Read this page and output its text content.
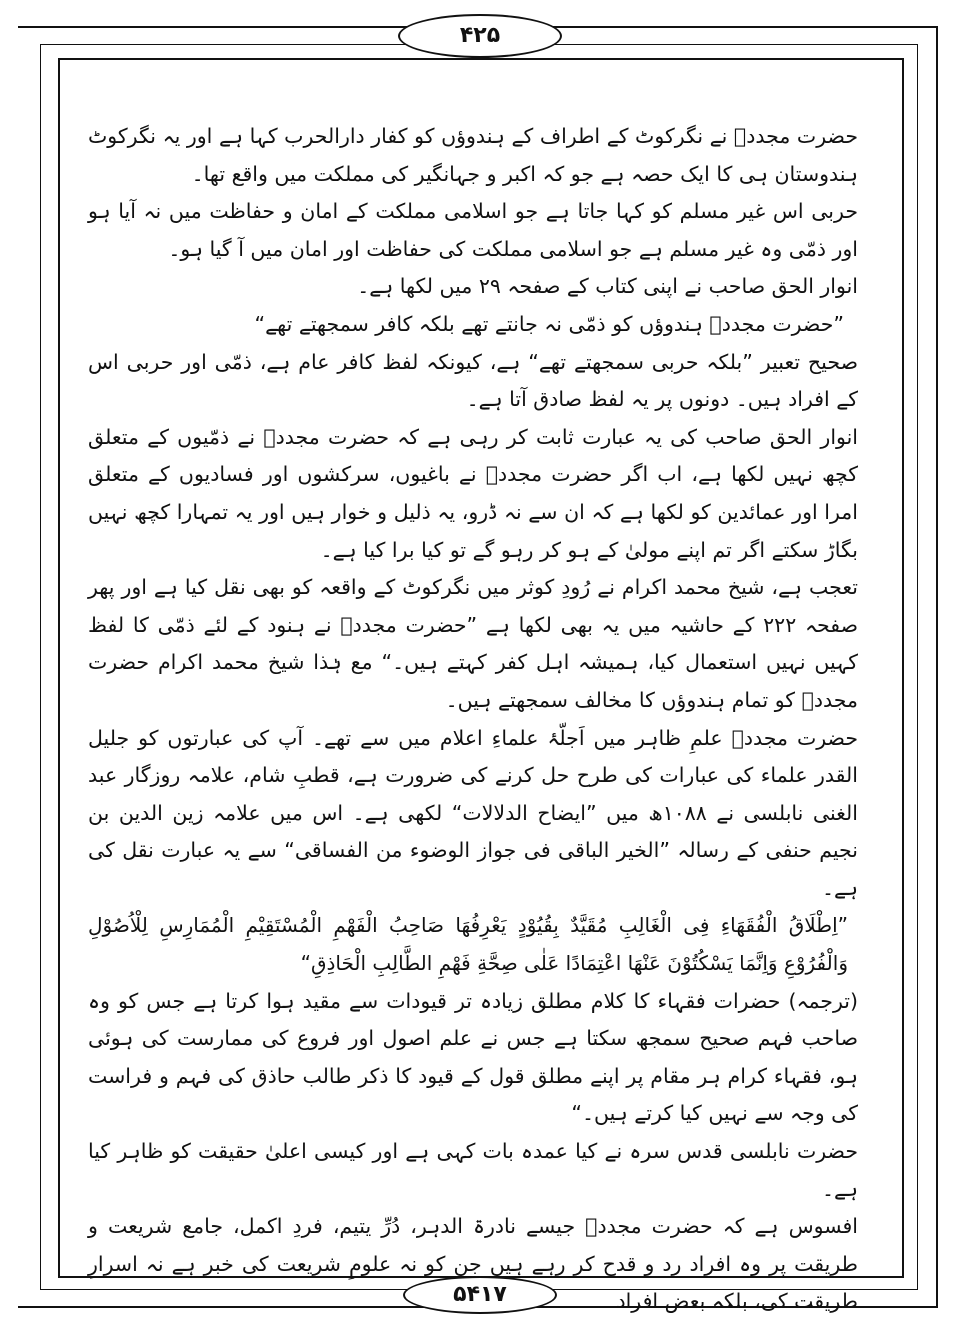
۴۲۵

حضرت مجددؒ نے نگرکوٹ کے اطراف کے ہندوؤں کو کفار دارالحرب کہا ہے اور یہ نگرکوٹ ہندوستان ہی کا ایک حصہ ہے جو کہ اکبر و جہانگیر کی مملکت میں واقع تھا۔

حربی اس غیر مسلم کو کہا جاتا ہے جو اسلامی مملکت کے امان و حفاظت میں نہ آیا ہو اور ذمّی وہ غیر مسلم ہے جو اسلامی مملکت کی حفاظت اور امان میں آ گیا ہو۔

انوار الحق صاحب نے اپنی کتاب کے صفحہ ۲۹ میں لکھا ہے۔

”حضرت مجددؒ ہندوؤں کو ذمّی نہ جانتے تھے بلکہ کافر سمجھتے تھے“

صحیح تعبیر ”بلکہ حربی سمجھتے تھے“ ہے، کیونکہ لفظ کافر عام ہے، ذمّی اور حربی اس کے افراد ہیں۔ دونوں پر یہ لفظ صادق آتا ہے۔

انوار الحق صاحب کی یہ عبارت ثابت کر رہی ہے کہ حضرت مجددؒ نے ذمّیوں کے متعلق کچھ نہیں لکھا ہے، اب اگر حضرت مجددؒ نے باغیوں، سرکشوں اور فسادیوں کے متعلق امرا اور عمائدین کو لکھا ہے کہ ان سے نہ ڈرو، یہ ذلیل و خوار ہیں اور یہ تمہارا کچھ نہیں بگاڑ سکتے اگر تم اپنے مولیٰ کے ہو کر رہو گے تو کیا برا کیا ہے۔

تعجب ہے، شیخ محمد اکرام نے رُودِ کوثر میں نگرکوٹ کے واقعہ کو بھی نقل کیا ہے اور پھر صفحہ ۲۲۲ کے حاشیہ میں یہ بھی لکھا ہے ”حضرت مجددؒ نے ہنود کے لئے ذمّی کا لفظ کہیں نہیں استعمال کیا، ہمیشہ اہل کفر کہتے ہیں۔“ مع ہٰذا شیخ محمد اکرام حضرت مجددؒ کو تمام ہندوؤں کا مخالف سمجھتے ہیں۔

حضرت مجددؒ علمِ ظاہر میں اَجلّۂ علماءِ اعلام میں سے تھے۔ آپ کی عبارتوں کو جلیل القدر علماء کی عبارات کی طرح حل کرنے کی ضرورت ہے، قطبِ شام، علامہ روزگار عبد الغنی نابلسی نے ۱۰۸۸ھ میں ”ایضاح الدلالات“ لکھی ہے۔ اس میں علامہ زین الدین بن نجیم حنفی کے رسالہ ”الخیر الباقی فی جواز الوضوء من الفساقی“ سے یہ عبارت نقل کی ہے۔

”اِطْلَاقُ الْفُقَهَاءِ فِی الْغَالِبِ مُقَیَّدٌ بِقُیُوْدٍ یَعْرِفُهَا صَاحِبُ الْفَهْمِ الْمُسْتَقِیْمِ الْمُمَارِسِ لِلْاُصُوْلِ وَالْفُرُوْعِ وَاِنَّمَا یَسْکُتُوْنَ عَنْهَا اعْتِمَادًا عَلٰی صِحَّةِ فَهْمِ الطَّالِبِ الْحَاذِقِ“

(ترجمہ) حضرات فقہاء کا کلام مطلق زیادہ تر قیودات سے مقید ہوا کرتا ہے جس کو وہ صاحب فہم صحیح سمجھ سکتا ہے جس نے علم اصول اور فروع کی ممارست کی ہوئی ہو، فقہاء کرام ہر مقام پر اپنے مطلق قول کے قیود کا ذکر طالب حاذق کی فہم و فراست کی وجہ سے نہیں کیا کرتے ہیں۔“

حضرت نابلسی قدس سرہ نے کیا عمدہ بات کہی ہے اور کیسی اعلیٰ حقیقت کو ظاہر کیا ہے۔

افسوس ہے کہ حضرت مجددؒ جیسے نادرۃ الدہر، دُرِّ یتیم، فردِ اکمل، جامع شریعت و طریقت پر وہ افراد رد و قدح کر رہے ہیں جن کو نہ علومِ شریعت کی خبر ہے نہ اسرارِ طریقت کی، بلکہ بعض افراد

۵۴۱۷
